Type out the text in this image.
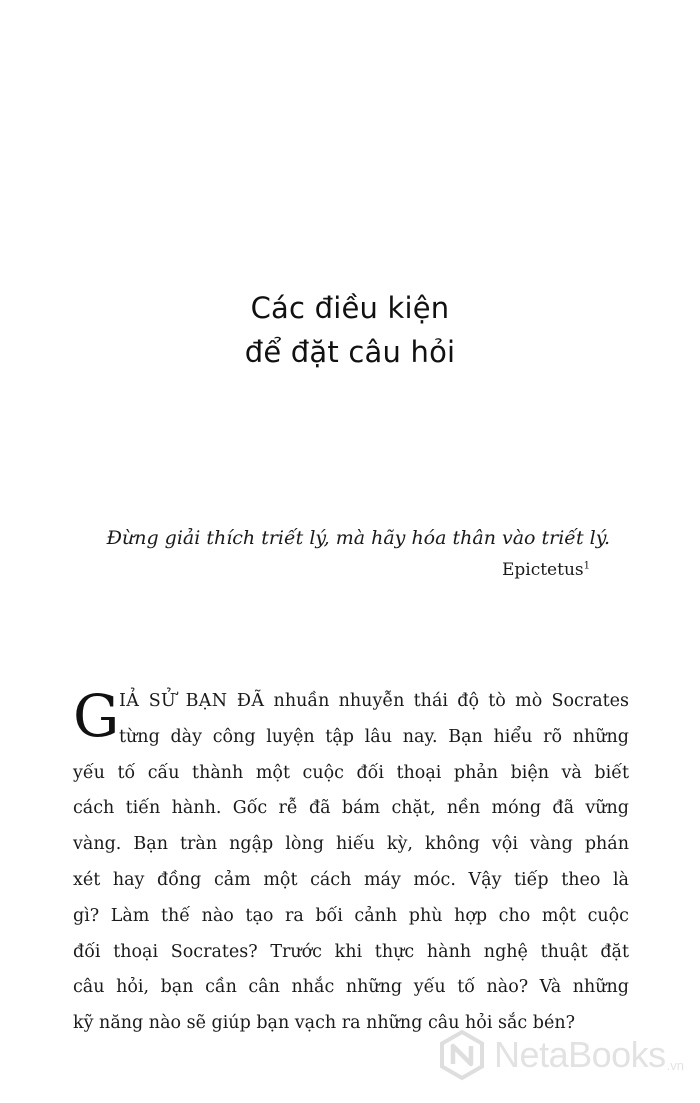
Các điều kiện
để đặt câu hỏi
Đừng giải thích triết lý, mà hãy hóa thân vào triết lý.
Epictetus$^1$
G IẢ SỬ BẠN ĐÃ nhuần nhuyễn thái độ tò mò Socrates
từng dày công luyện tập lâu nay. Bạn hiểu rõ những
yếu tố cấu thành một cuộc đối thoại phản biện và biết
cách tiến hành. Gốc rễ đã bám chặt, nền móng đã vững
vàng. Bạn tràn ngập lòng hiếu kỳ, không vội vàng phán
xét hay đồng cảm một cách máy móc. Vậy tiếp theo là
gì? Làm thế nào tạo ra bối cảnh phù hợp cho một cuộc
đối thoại Socrates? Trước khi thực hành nghệ thuật đặt
câu hỏi, bạn cần cân nhắc những yếu tố nào? Và những
kỹ năng nào sẽ giúp bạn vạch ra những câu hỏi sắc bén?
NetaBooks .vn
